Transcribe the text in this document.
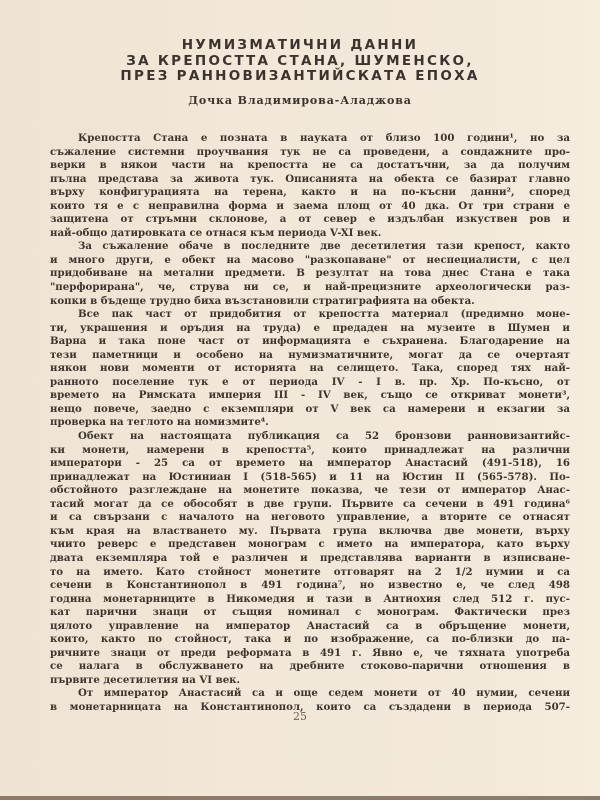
НУМИЗМАТИЧНИ ДАННИ
ЗА КРЕПОСТТА СТАНА, ШУМЕНСКО,
ПРЕЗ РАННОВИЗАНТИЙСКАТА ЕПОХА
Дочка Владимирова-Аладжова
Крепостта Стана е позната в науката от близо 100 години¹, но за
съжаление системни проучвания тук не са проведени, а сондажните про-
верки в някои части на крепостта не са достатъчни, за да получим
пълна представа за живота тук. Описанията на обекта се базират главно
върху конфигурацията на терена, както и на по-късни данни², според
които тя е с неправилна форма и заема площ от 40 дка. От три страни е
защитена от стръмни склонове, а от север е издълбан изкуствен ров и
най-общо датировката се отнася към периода V-XI век.
За съжаление обаче в последните две десетилетия тази крепост, както
и много други, е обект на масово "разкопаване" от неспециалисти, с цел
придобиване на метални предмети. В резултат на това днес Стана е така
"перфорирана", че, струва ни се, и най-прецизните археологически раз-
копки в бъдеще трудно биха възстановили стратиграфията на обекта.
Все пак част от придобития от крепостта материал (предимно моне-
ти, украшения и оръдия на труда) е предаден на музеите в Шумен и
Варна и така поне част от информацията е съхранена. Благодарение на
тези паметници и особено на нумизматичните, могат да се очертаят
някои нови моменти от историята на селището. Така, според тях най-
ранното поселение тук е от периода IV - I в. пр. Хр. По-късно, от
времето на Римската империя III - IV век, също се откриват монети³,
нещо повече, заедно с екземпляри от V век са намерени и екзагии за
проверка на теглото на номизмите⁴.
Обект на настоящата публикация са 52 бронзови ранновизантийс-
ки монети, намерени в крепостта⁵, които принадлежат на различни
императори - 25 са от времето на император Анастасий (491-518), 16
принадлежат на Юстиниан I (518-565) и 11 на Юстин II (565-578). По-
обстойното разглеждане на монетите показва, че тези от император Анас-
тасий могат да се обособят в две групи. Първите са сечени в 491 година⁶
и са свързани с началото на неговото управление, а вторите се отнасят
към края на властването му. Първата група включва две монети, върху
чиито реверс е представен монограм с името на императора, като върху
двата екземпляра той е различен и представлява варианти в изписване-
то на името. Като стойност монетите отговарят на 2 1/2 нумии и са
сечени в Константинопол в 491 година⁷, но известно е, че след 498
година монетарниците в Никомедия и тази в Антиохия след 512 г. пус-
кат парични знаци от същия номинал с монограм. Фактически през
цялото управление на император Анастасий са в обръщение монети,
които, както по стойност, така и по изображение, са по-близки до па-
ричните знаци от преди реформата в 491 г. Явно е, че тяхната употреба
се налага в обслужването на дребните стоково-парични отношения в
първите десетилетия на VI век.
От император Анастасий са и още седем монети от 40 нумии, сечени
в монетарницата на Константинопол, които са създадени в периода 507-
25
